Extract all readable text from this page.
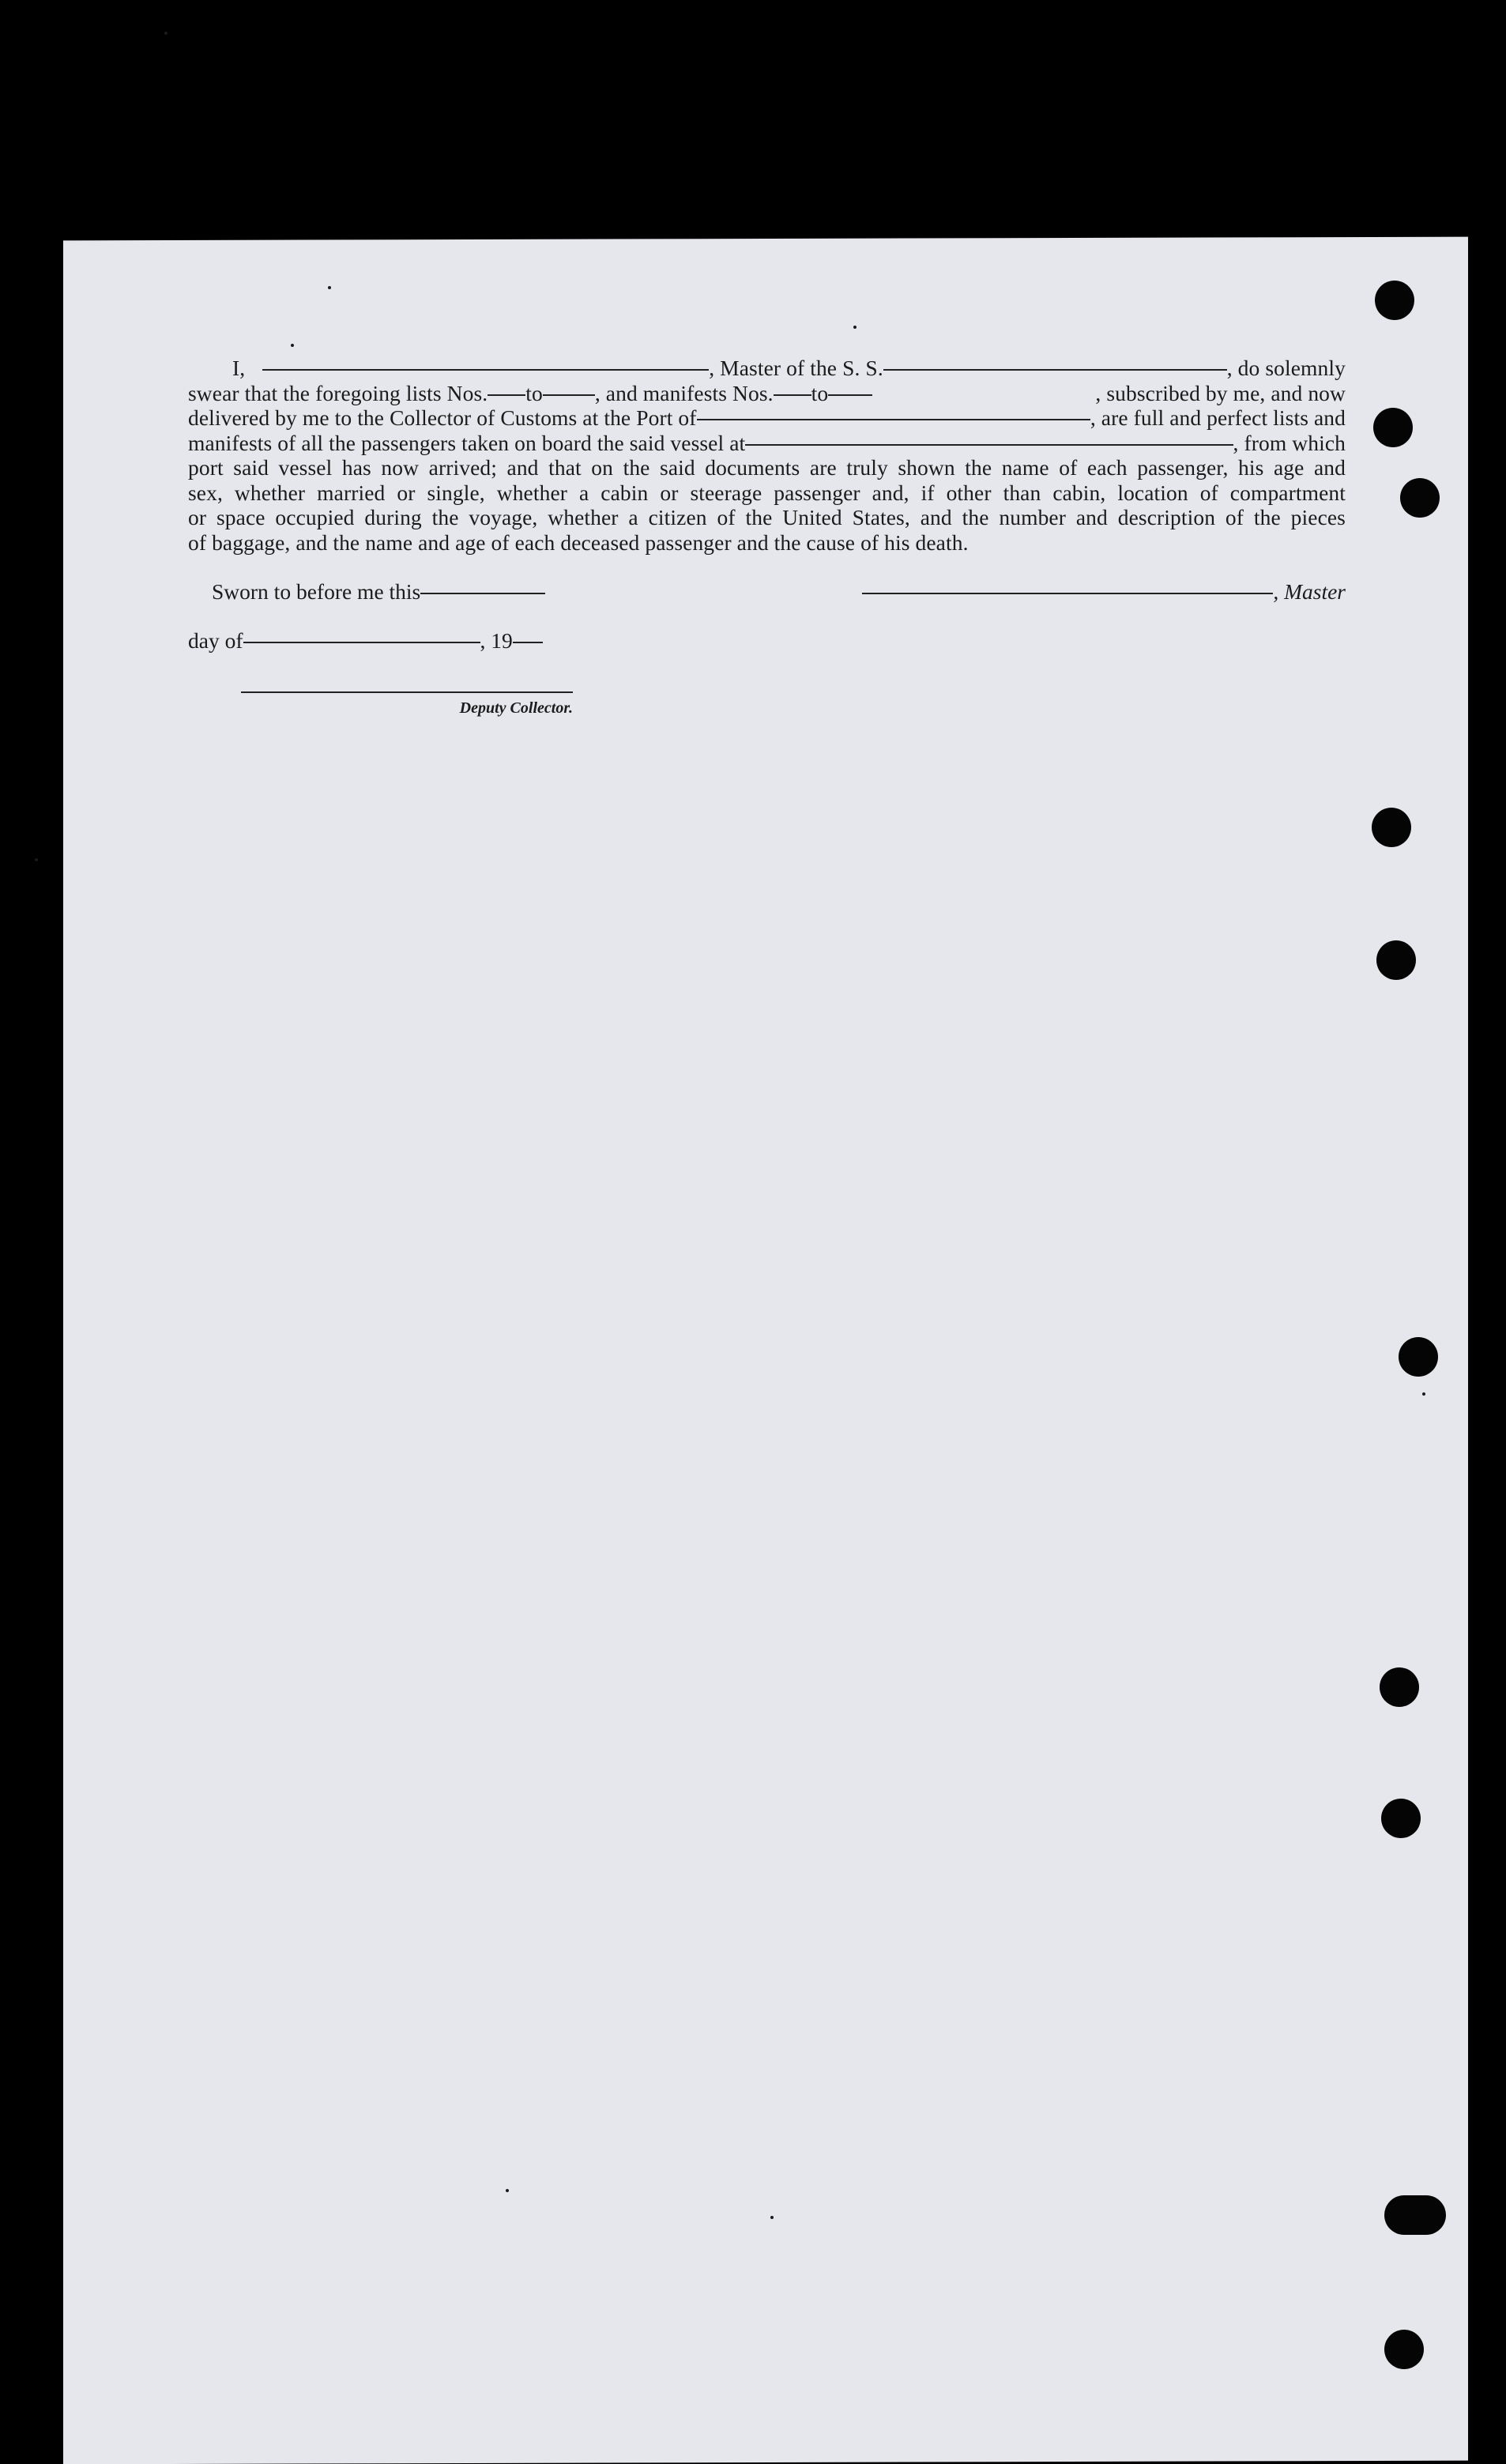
I,	, Master of the S. S.	, do solemnly
swear that the foregoing lists Nos. to , and manifests Nos. to	, subscribed by me, and now
delivered by me to the Collector of Customs at the Port of	, are full and perfect lists and
manifests of all the passengers taken on board the said vessel at	, from which
port said vessel has now arrived; and that on the said documents are truly shown the name of each passenger, his age and
sex, whether married or single, whether a cabin or steerage passenger and, if other than cabin, location of compartment
or space occupied during the voyage, whether a citizen of the United States, and the number and description of the pieces
of baggage, and the name and age of each deceased passenger and the cause of his death.
Sworn to before me this	, Master
day of	, 19
Deputy Collector.
